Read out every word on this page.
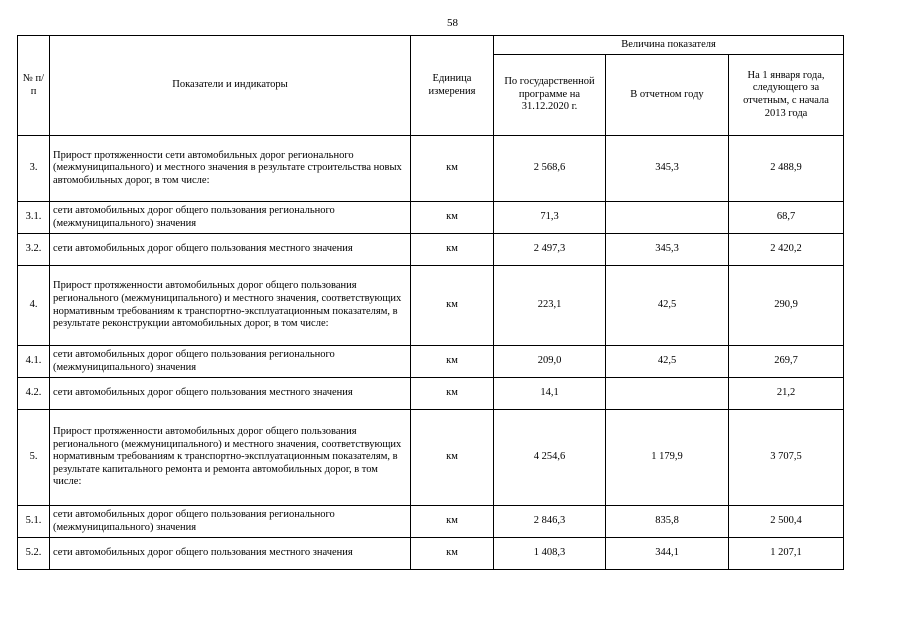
58
№ п/п	Показатели и индикаторы	Единица измерения	Величина показателя		
			По государственной программе на 31.12.2020 г.	В отчетном году	На 1 января года, следующего за отчетным, с начала 2013 года
3.	Прирост протяженности сети автомобильных дорог регионального (межмуниципального) и местного значения в результате строительства новых автомобильных дорог, в том числе:	км	2 568,6	345,3	2 488,9
3.1.	сети автомобильных дорог общего пользования регионального (межмуниципального) значения	км	71,3		68,7
3.2.	сети автомобильных дорог общего пользования местного значения	км	2 497,3	345,3	2 420,2
4.	Прирост протяженности автомобильных дорог общего пользования регионального (межмуниципального) и местного значения, соответствующих нормативным требованиям к транспортно-эксплуатационным показателям, в результате реконструкции автомобильных дорог, в том числе:	км	223,1	42,5	290,9
4.1.	сети автомобильных дорог общего пользования регионального (межмуниципального) значения	км	209,0	42,5	269,7
4.2.	сети автомобильных дорог общего пользования местного значения	км	14,1		21,2
5.	Прирост протяженности автомобильных дорог общего пользования регионального (межмуниципального) и местного значения, соответствующих нормативным требованиям к транспортно-эксплуатационным показателям, в результате капитального ремонта и ремонта автомобильных дорог, в том числе:	км	4 254,6	1 179,9	3 707,5
5.1.	сети автомобильных дорог общего пользования регионального (межмуниципального) значения	км	2 846,3	835,8	2 500,4
5.2.	сети автомобильных дорог общего пользования местного значения	км	1 408,3	344,1	1 207,1
